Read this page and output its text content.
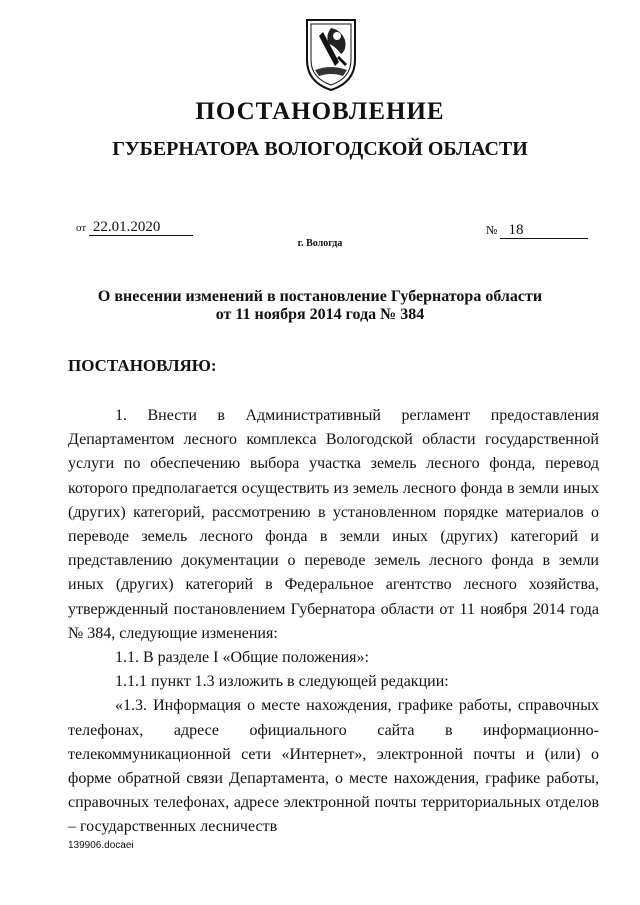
ПОСТАНОВЛЕНИЕ
ГУБЕРНАТОРА ВОЛОГОДСКОЙ ОБЛАСТИ
от 22.01.2020	№ 18
г. Вологда
О внесении изменений в постановление Губернатора области
от 11 ноября 2014 года № 384
ПОСТАНОВЛЯЮ:

1. Внести в Административный регламент предоставления Департаментом лесного комплекса Вологодской области государственной услуги по обеспечению выбора участка земель лесного фонда, перевод которого предполагается осуществить из земель лесного фонда в земли иных (других) категорий, рассмотрению в установленном порядке материалов о переводе земель лесного фонда в земли иных (других) категорий и представлению документации о переводе земель лесного фонда в земли иных (других) категорий в Федеральное агентство лесного хозяйства, утвержденный постановлением Губернатора области от 11 ноября 2014 года № 384, следующие изменения:

1.1. В разделе I «Общие положения»:

1.1.1 пункт 1.3 изложить в следующей редакции:

«1.3. Информация о месте нахождения, графике работы, справочных телефонах, адресе официального сайта в информационно-телекоммуникационной сети «Интернет», электронной почты и (или) о форме обратной связи Департамента, о месте нахождения, графике работы, справочных телефонах, адресе электронной почты территориальных отделов – государственных лесничеств

139906.docaei
